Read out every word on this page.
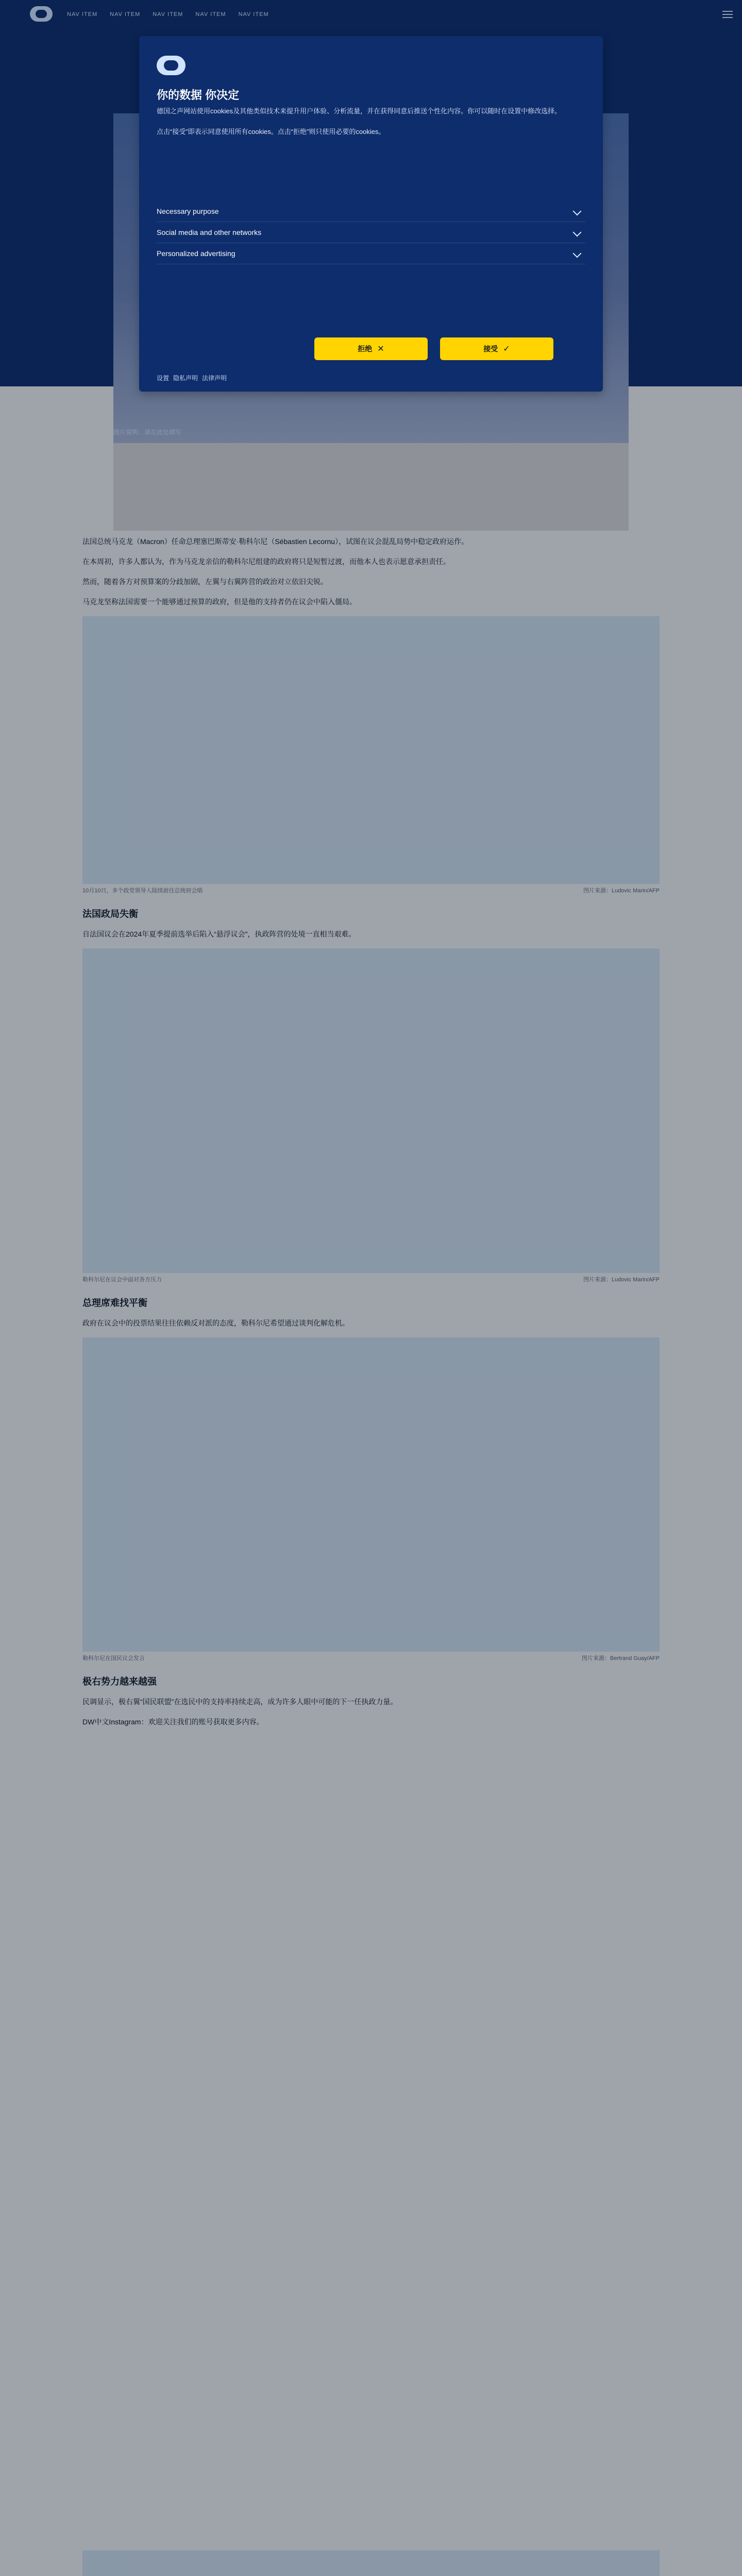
NAV ITEM NAV ITEM NAV ITEM NAV ITEM NAV ITEM
图片说明：请在此处填写

法国总统马克龙（Macron）任命总理塞巴斯蒂安·勒科尔尼（Sébastien Lecornu），试图在议会混乱局势中稳定政府运作。

在本周初，许多人都认为，作为马克龙亲信的勒科尔尼组建的政府将只是短暂过渡，而他本人也表示愿意承担责任。

然而，随着各方对预算案的分歧加剧，左翼与右翼阵营的政治对立依旧尖锐。

马克龙坚称法国需要一个能够通过预算的政府，但是他的支持者仍在议会中陷入僵局。

10月10日，多个政党领导人陆续前往总统府会晤	图片来源：Ludovic Marin/AFP
法国政局失衡

自法国议会在2024年夏季提前选举后陷入“悬浮议会”，执政阵营的处境一直相当艰难。

勒科尔尼在议会中面对各方压力	图片来源：Ludovic Marin/AFP
总理席难找平衡

政府在议会中的投票结果往往依赖反对派的态度，勒科尔尼希望通过谈判化解危机。

勒科尔尼在国民议会发言	图片来源：Bertrand Guay/AFP
极右势力越来越强

民调显示，极右翼“国民联盟”在选民中的支持率持续走高，成为许多人眼中可能的下一任执政力量。

DW中文Instagram：欢迎关注我们的账号获取更多内容。

你的数据 你决定
德国之声网站使用cookies及其他类似技术来提升用户体验、分析流量，并在获得同意后推送个性化内容。你可以随时在设置中修改选择。

点击“接受”即表示同意使用所有cookies。点击“拒绝”则只使用必要的cookies。
Necessary purpose
Social media and other networks
Personalized advertising
拒绝 ✕	接受 ✓
设置 隐私声明 法律声明
